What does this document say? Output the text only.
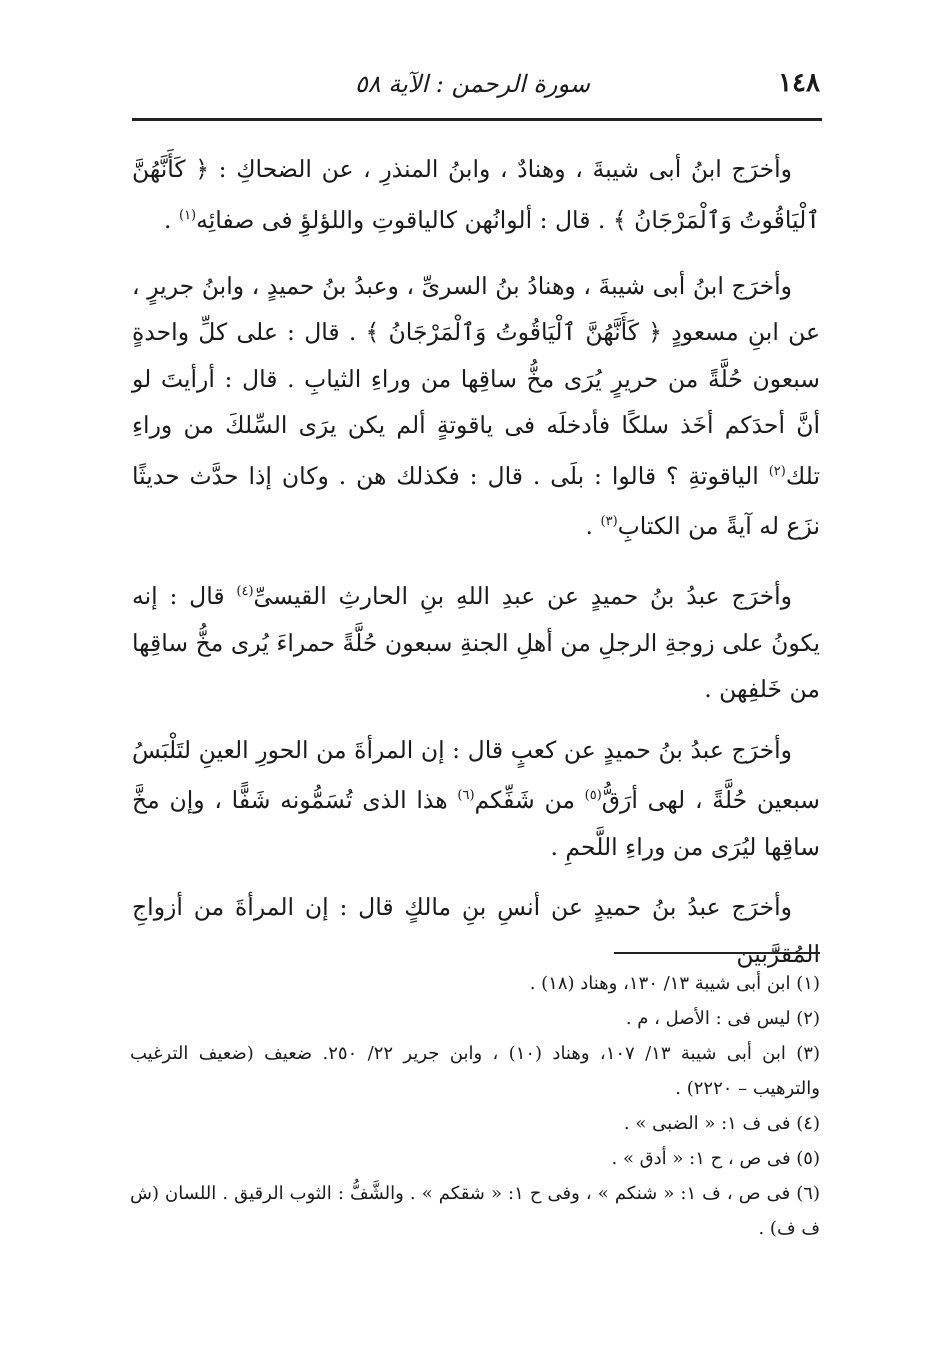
١٤٨
سورة الرحمن : الآية ٥٨

وأخرَج ابنُ أبى شيبةَ ، وهنادٌ ، وابنُ المنذرِ ، عن الضحاكِ : ﴿ كَأَنَّهُنَّ ٱلْيَاقُوتُ وَٱلْمَرْجَانُ ﴾ . قال : ألوانُهن كالياقوتِ واللؤلؤِ فى صفائِه$^{(١)}$ .

وأخرَج ابنُ أبى شيبةَ ، وهنادُ بنُ السرىِّ ، وعبدُ بنُ حميدٍ ، وابنُ جريرٍ ، عن ابنِ مسعودٍ ﴿ كَأَنَّهُنَّ ٱلْيَاقُوتُ وَٱلْمَرْجَانُ ﴾ . قال : على كلِّ واحدةٍ سبعون حُلَّةً من حريرٍ يُرَى مخُّ ساقِها من وراءِ الثيابِ . قال : أرأيتَ لو أنَّ أحدَكم أخَذ سلكًا فأدخلَه فى ياقوتةٍ ألم يكن يرَى السِّلكَ من وراءِ تلك$^{(٢)}$ الياقوتةِ ؟ قالوا : بلَى . قال : فكذلك هن . وكان إذا حدَّث حديثًا نزَع له آيةً من الكتابِ$^{(٣)}$ .

وأخرَج عبدُ بنُ حميدٍ عن عبدِ اللهِ بنِ الحارثِ القيسىِّ$^{(٤)}$ قال : إنه يكونُ على زوجةِ الرجلِ من أهلِ الجنةِ سبعون حُلَّةً حمراءَ يُرى مخُّ ساقِها من خَلفِهن .

وأخرَج عبدُ بنُ حميدٍ عن كعبٍ قال : إن المرأةَ من الحورِ العينِ لتَلْبَسُ سبعين حُلَّةً ، لهى أرَقُّ$^{(٥)}$ من شَفِّكم$^{(٦)}$ هذا الذى تُسَمُّونه شَفًّا ، وإن مخَّ ساقِها ليُرَى من وراءِ اللَّحمِ .

وأخرَج عبدُ بنُ حميدٍ عن أنسِ بنِ مالكٍ قال : إن المرأةَ من أزواجِ المُقرَّبين

(١) ابن أبى شيبة ١٣/ ١٣٠، وهناد (١٨) .

(٢) ليس فى : الأصل ، م .

(٣) ابن أبى شيبة ١٣/ ١٠٧، وهناد (١٠) ، وابن جرير ٢٢/ ٢٥٠. ضعيف (ضعيف الترغيب والترهيب – ٢٢٢٠) .

(٤) فى ف ١: « الضبى » .

(٥) فى ص ، ح ١: « أدق » .

(٦) فى ص ، ف ١: « شنكم » ، وفى ح ١: « شقكم » . والشَّفُّ : الثوب الرقيق . اللسان (ش ف ف) .
